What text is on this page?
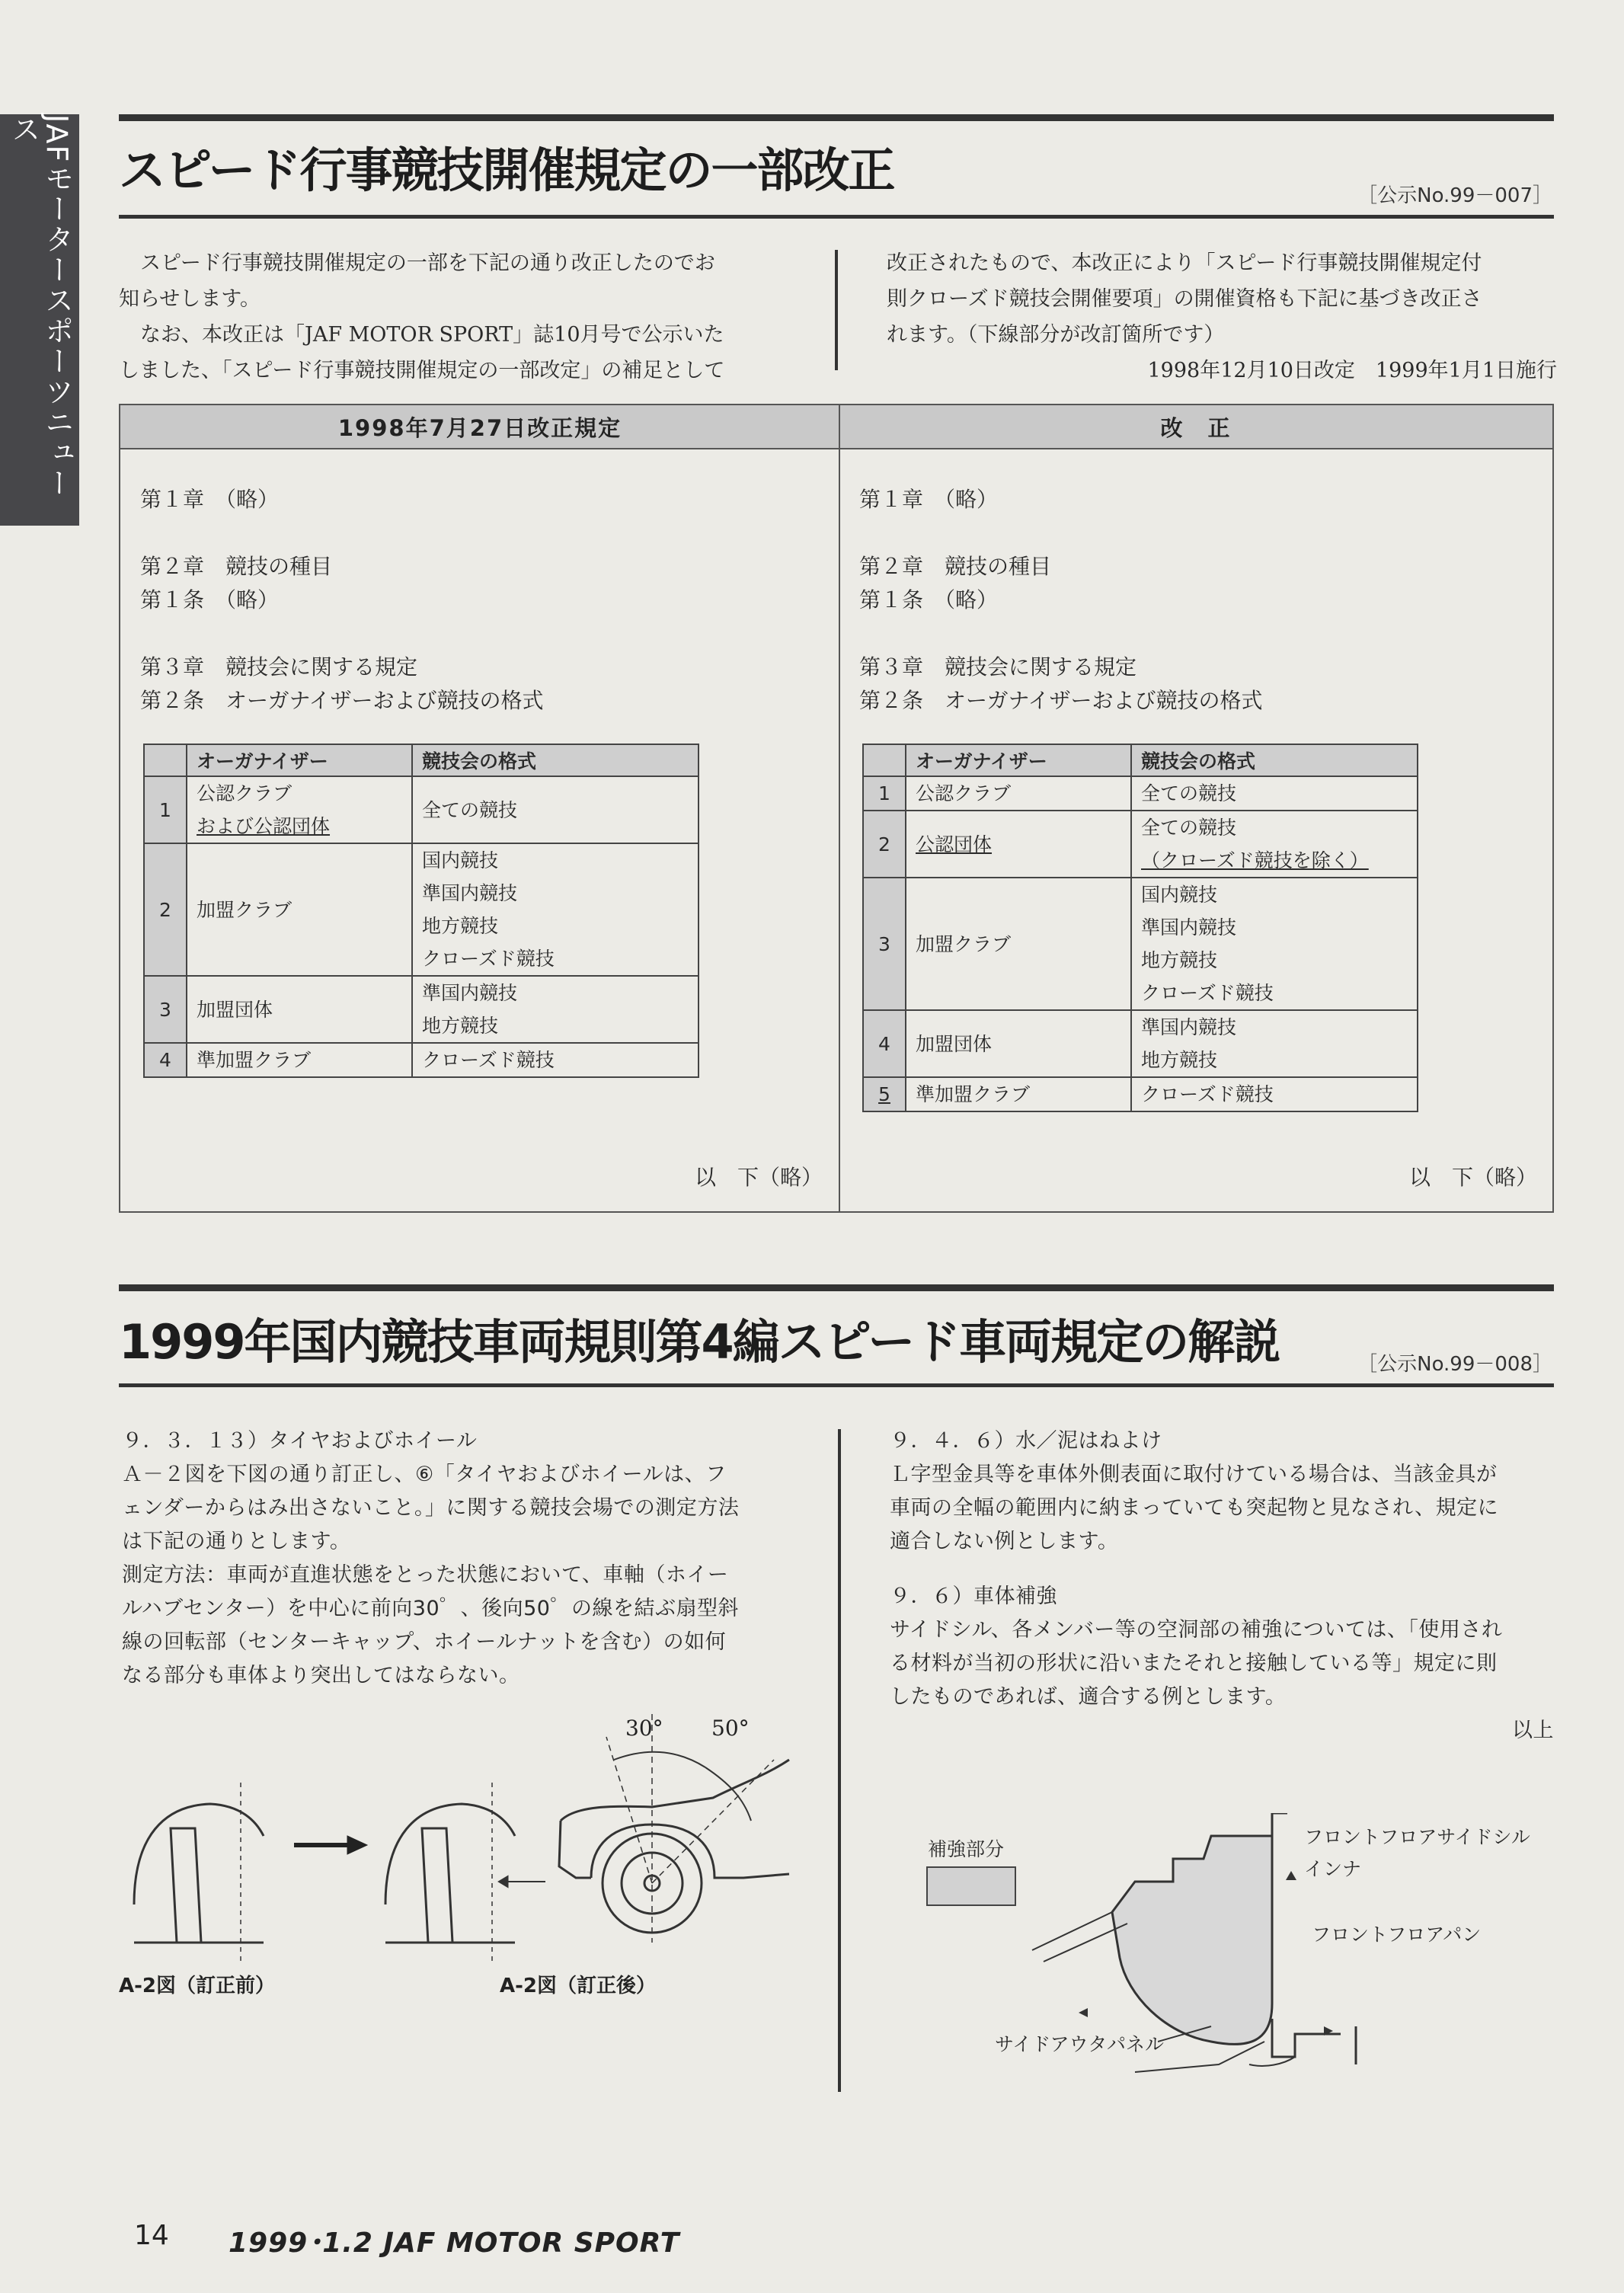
JAFモータースポーツニュース
スピード行事競技開催規定の一部改正	［公示No.99－007］
スピード行事競技開催規定の一部を下記の通り改正したのでお
知らせします。
なお、本改正は「JAF MOTOR SPORT」誌10月号で公示いた
しました、「スピード行事競技開催規定の一部改定」の補足として
改正されたもので、本改正により「スピード行事競技開催規定付
則クローズド競技会開催要項」の開催資格も下記に基づき改正さ
れます。（下線部分が改訂箇所です）
1998年12月10日改定　1999年1月1日施行
1998年7月27日改正規定	改　正
第１章　（略）
第２章　競技の種目
第１条　（略）
第３章　競技会に関する規定
第２条　オーガナイザーおよび競技の格式
	オーガナイザー	競技会の格式
1	公認クラブ
および公認団体	全ての競技

2	加盟クラブ	国内競技
準国内競技
地方競技
クローズド競技

3	加盟団体	準国内競技
地方競技

4	準加盟クラブ	クローズド競技
以　下（略）
第１章　（略）
第２章　競技の種目
第１条　（略）
第３章　競技会に関する規定
第２条　オーガナイザーおよび競技の格式
	オーガナイザー	競技会の格式
1	公認クラブ	全ての競技

2	公認団体	全ての競技
（クローズド競技を除く）

3	加盟クラブ	国内競技
準国内競技
地方競技
クローズド競技

4	加盟団体	準国内競技
地方競技

5	準加盟クラブ	クローズド競技
以　下（略）
1999年国内競技車両規則第4編スピード車両規定の解説	［公示No.99－008］
９．３．１３）タイヤおよびホイール
Ａ－２図を下図の通り訂正し、⑥「タイヤおよびホイールは、フ
ェンダーからはみ出さないこと。」に関する競技会場での測定方法
は下記の通りとします。
測定方法：車両が直進状態をとった状態において、車軸（ホイー
ルハブセンター）を中心に前向30゜、後向50゜の線を結ぶ扇型斜
線の回転部（センターキャップ、ホイールナットを含む）の如何
なる部分も車体より突出してはならない。
９．４．６）水／泥はねよけ
Ｌ字型金具等を車体外側表面に取付けている場合は、当該金具が
車両の全幅の範囲内に納まっていても突起物と見なされ、規定に
適合しない例とします。
９．６）車体補強
サイドシル、各メンバー等の空洞部の補強については、「使用され
る材料が当初の形状に沿いまたそれと接触している等」規定に則
したものであれば、適合する例とします。
以上
30° 50°
A-2図（訂正前）	A-2図（訂正後）
補強部分
フロントフロアサイドシル
インナ
フロントフロアパン
サイドアウタパネル
14 1999･1.2 JAF MOTOR SPORT
